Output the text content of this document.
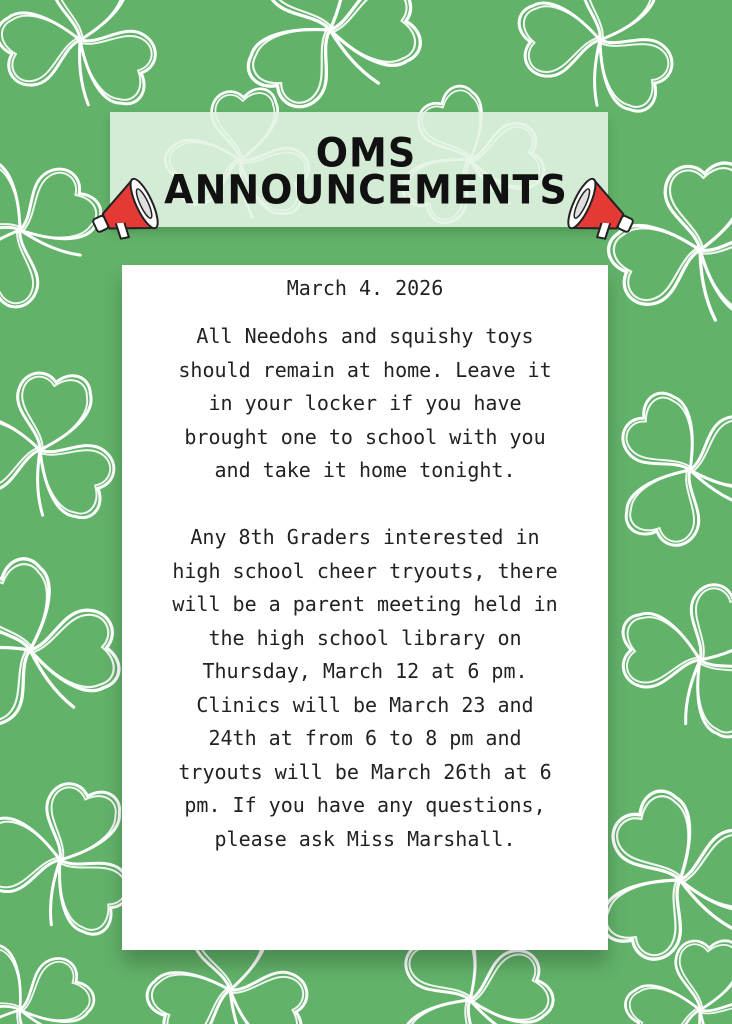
OMS
ANNOUNCEMENTS
March 4. 2026

All Needohs and squishy toys
should remain at home. Leave it
in your locker if you have
brought one to school with you
and take it home tonight.

Any 8th Graders interested in
high school cheer tryouts, there
will be a parent meeting held in
the high school library on
Thursday, March 12 at 6 pm.
Clinics will be March 23 and
24th at from 6 to 8 pm and
tryouts will be March 26th at 6
pm. If you have any questions,
please ask Miss Marshall.
